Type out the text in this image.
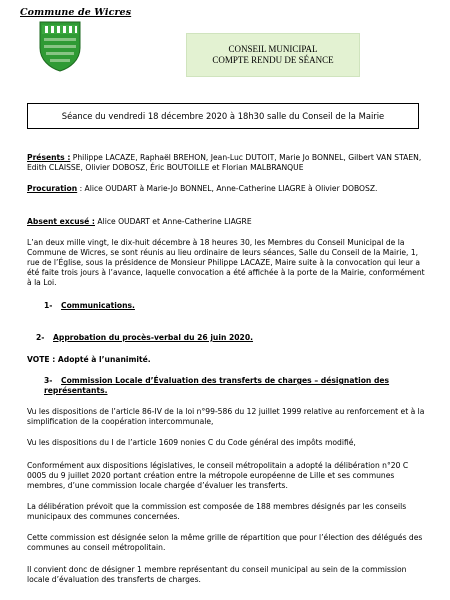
Commune de Wicres
CONSEIL MUNICIPAL
COMPTE RENDU DE SÉANCE
Séance du vendredi 18 décembre 2020 à 18h30 salle du Conseil de la Mairie
Présents : Philippe LACAZE, Raphaël BREHON, Jean-Luc DUTOIT, Marie Jo BONNEL, Gilbert VAN STAEN, Edith CLAISSE, Olivier DOBOSZ, Éric BOUTOILLE et Florian MALBRANQUE
Procuration : Alice OUDART à Marie-Jo BONNEL, Anne-Catherine LIAGRE à Olivier DOBOSZ.
Absent excusé : Alice OUDART et Anne-Catherine LIAGRE
L’an deux mille vingt, le dix-huit décembre à 18 heures 30, les Membres du Conseil Municipal de la Commune de Wicres, se sont réunis au lieu ordinaire de leurs séances, Salle du Conseil de la Mairie, 1, rue de l’Église, sous la présidence de Monsieur Philippe LACAZE, Maire suite à la convocation qui leur a été faite trois jours à l’avance, laquelle convocation a été affichée à la porte de la Mairie, conformément à la Loi.
1- Communications.
2- Approbation du procès-verbal du 26 juin 2020.
VOTE : Adopté à l’unanimité.
3- Commission Locale d’Évaluation des transferts de charges – désignation des représentants.
Vu les dispositions de l’article 86-IV de la loi n°99-586 du 12 juillet 1999 relative au renforcement et à la simplification de la coopération intercommunale,
Vu les dispositions du I de l’article 1609 nonies C du Code général des impôts modifié,
Conformément aux dispositions législatives, le conseil métropolitain a adopté la délibération n°20 C 0005 du 9 juillet 2020 portant création entre la métropole européenne de Lille et ses communes membres, d’une commission locale chargée d’évaluer les transferts.
La délibération prévoit que la commission est composée de 188 membres désignés par les conseils municipaux des communes concernées.
Cette commission est désignée selon la même grille de répartition que pour l’élection des délégués des communes au conseil métropolitain.
Il convient donc de désigner 1 membre représentant du conseil municipal au sein de la commission locale d’évaluation des transferts de charges.
